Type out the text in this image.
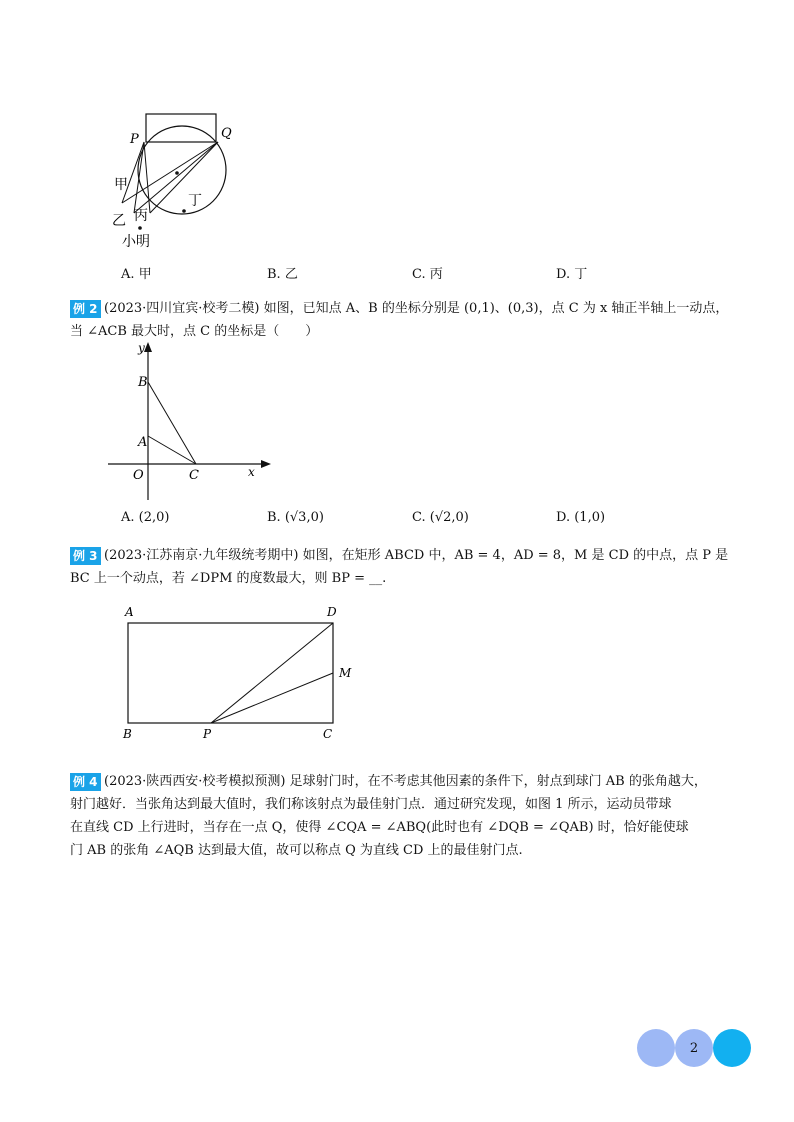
P	Q
甲
乙 丙
丁
小明
A. 甲	B. 乙	C. 丙	D. 丁
例 2 (2023·四川宜宾·校考二模) 如图，已知点 A、B 的坐标分别是 (0,1)、(0,3)，点 C 为 x 轴正半轴上一动点，
当 ∠ACB 最大时，点 C 的坐标是（　　）
y
B
A
O	C	x
A. (2,0)	B. (√3,0)	C. (√2,0)	D. (1,0)
例 3 (2023·江苏南京·九年级统考期中) 如图，在矩形 ABCD 中，AB = 4，AD = 8，M 是 CD 的中点，点 P 是
BC 上一个动点，若 ∠DPM 的度数最大，则 BP = __.
A	D
M
B	P	C
例 4 (2023·陕西西安·校考模拟预测) 足球射门时，在不考虑其他因素的条件下，射点到球门 AB 的张角越大，
射门越好．当张角达到最大值时，我们称该射点为最佳射门点．通过研究发现，如图 1 所示，运动员带球
在直线 CD 上行进时，当存在一点 Q，使得 ∠CQA = ∠ABQ(此时也有 ∠DQB = ∠QAB) 时，恰好能使球
门 AB 的张角 ∠AQB 达到最大值，故可以称点 Q 为直线 CD 上的最佳射门点.
2
